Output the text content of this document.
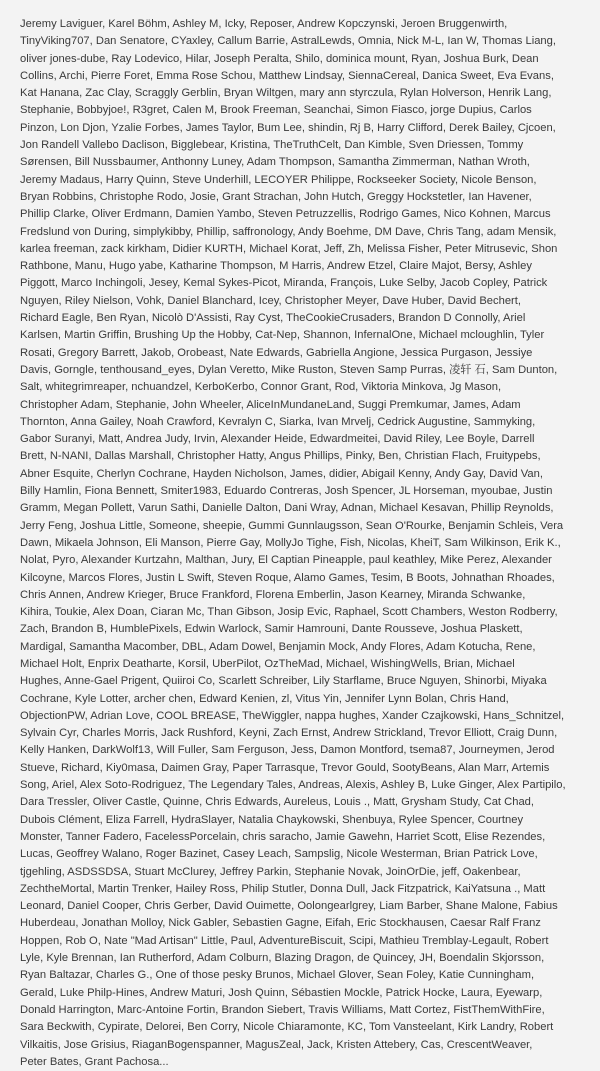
Jeremy Laviguer, Karel Böhm, Ashley M, Icky, Reposer, Andrew Kopczynski, Jeroen Bruggenwirth,
TinyViking707, Dan Senatore, CYaxley, Callum Barrie, AstralLewds, Omnia, Nick M-L, Ian W, Thomas Liang,
oliver jones-dube, Ray Lodevico, Hilar, Joseph Peralta, Shilo, dominica mount, Ryan, Joshua Burk, Dean
Collins, Archi, Pierre Foret, Emma Rose Schou, Matthew Lindsay, SiennaCereal, Danica Sweet, Eva Evans,
Kat Hanana, Zac Clay, Scraggly Gerblin, Bryan Wiltgen, mary ann styrczula, Rylan Holverson, Henrik Lang,
Stephanie, Bobbyjoe!, R3gret, Calen M, Brook Freeman, Seanchai, Simon Fiasco, jorge Dupius, Carlos
Pinzon, Lon Djon, Yzalie Forbes, James Taylor, Bum Lee, shindin, Rj B, Harry Clifford, Derek Bailey, Cjcoen,
Jon Randell Vallebo Daclison, Bigglebear, Kristina, TheTruthCelt, Dan Kimble, Sven Driessen, Tommy
Sørensen, Bill Nussbaumer, Anthonny Luney, Adam Thompson, Samantha Zimmerman, Nathan Wroth,
Jeremy Madaus, Harry Quinn, Steve Underhill, LECOYER Philippe, Rockseeker Society, Nicole Benson,
Bryan Robbins, Christophe Rodo, Josie, Grant Strachan, John Hutch, Greggy Hockstetler, Ian Havener,
Phillip Clarke, Oliver Erdmann, Damien Yambo, Steven Petruzzellis, Rodrigo Games, Nico Kohnen, Marcus
Fredslund von During, simplykibby, Phillip, saffronology, Andy Boehme, DM Dave, Chris Tang, adam Mensik,
karlea freeman, zack kirkham, Didier KURTH, Michael Korat, Jeff, Zh, Melissa Fisher, Peter Mitrusevic, Shon
Rathbone, Manu, Hugo yabe, Katharine Thompson, M Harris, Andrew Etzel, Claire Majot, Bersy, Ashley
Piggott, Marco Inchingoli, Jesey, Kemal Sykes-Picot, Miranda, François, Luke Selby, Jacob Copley, Patrick
Nguyen, Riley Nielson, Vohk, Daniel Blanchard, Icey, Christopher Meyer, Dave Huber, David Bechert,
Richard Eagle, Ben Ryan, Nicolò D'Assisti, Ray Cyst, TheCookieCrusaders, Brandon D Connolly, Ariel
Karlsen, Martin Griffin, Brushing Up the Hobby, Cat-Nep, Shannon, InfernalOne, Michael mcloughlin, Tyler
Rosati, Gregory Barrett, Jakob, Orobeast, Nate Edwards, Gabriella Angione, Jessica Purgason, Jessiye
Davis, Gorngle, tenthousand_eyes, Dylan Veretto, Mike Ruston, Steven Samp Purras, 凌轩 石, Sam Dunton,
Salt, whitegrimreaper, nchuandzel, KerboKerbo, Connor Grant, Rod, Viktoria Minkova, Jg Mason,
Christopher Adam, Stephanie, John Wheeler, AliceInMundaneLand, Suggi Premkumar, James, Adam
Thornton, Anna Gailey, Noah Crawford, Kevralyn C, Siarka, Ivan Mrvelj, Cedrick Augustine, Sammyking,
Gabor Suranyi, Matt, Andrea Judy, Irvin, Alexander Heide, Edwardmeitei, David Riley, Lee Boyle, Darrell
Brett, N-NANI, Dallas Marshall, Christopher Hatty, Angus Phillips, Pinky, Ben, Christian Flach, Fruitypebs,
Abner Esquite, Cherlyn Cochrane, Hayden Nicholson, James, didier, Abigail Kenny, Andy Gay, David Van,
Billy Hamlin, Fiona Bennett, Smiter1983, Eduardo Contreras, Josh Spencer, JL Horseman, myoubae, Justin
Gramm, Megan Pollett, Varun Sathi, Danielle Dalton, Dani Wray, Adnan, Michael Kesavan, Phillip Reynolds,
Jerry Feng, Joshua Little, Someone, sheepie, Gummi Gunnlaugsson, Sean O'Rourke, Benjamin Schleis, Vera
Dawn, Mikaela Johnson, Eli Manson, Pierre Gay, MollyJo Tighe, Fish, Nicolas, KheiT, Sam Wilkinson, Erik K.,
Nolat, Pyro, Alexander Kurtzahn, Malthan, Jury, El Captian Pineapple, paul keathley, Mike Perez, Alexander
Kilcoyne, Marcos Flores, Justin L Swift, Steven Roque, Alamo Games, Tesim, B Boots, Johnathan Rhoades,
Chris Annen, Andrew Krieger, Bruce Frankford, Florena Emberlin, Jason Kearney, Miranda Schwanke,
Kihira, Toukie, Alex Doan, Ciaran Mc, Than Gibson, Josip Evic, Raphael, Scott Chambers, Weston Rodberry,
Zach, Brandon B, HumblePixels, Edwin Warlock, Samir Hamrouni, Dante Rousseve, Joshua Plaskett,
Mardigal, Samantha Macomber, DBL, Adam Dowel, Benjamin Mock, Andy Flores, Adam Kotucha, Rene,
Michael Holt, Enprix Deatharte, Korsil, UberPilot, OzTheMad, Michael, WishingWells, Brian, Michael
Hughes, Anne-Gael Prigent, Quiiroi Co, Scarlett Schreiber, Lily Starflame, Bruce Nguyen, Shinorbi, Miyaka
Cochrane, Kyle Lotter, archer chen, Edward Kenien, zl, Vitus Yin, Jennifer Lynn Bolan, Chris Hand,
ObjectionPW, Adrian Love, COOL BREASE, TheWiggler, nappa hughes, Xander Czajkowski, Hans_Schnitzel,
Sylvain Cyr, Charles Morris, Jack Rushford, Keyni, Zach Ernst, Andrew Strickland, Trevor Elliott, Craig Dunn,
Kelly Hanken, DarkWolf13, Will Fuller, Sam Ferguson, Jess, Damon Montford, tsema87, Journeymen, Jerod
Stueve, Richard, Kiy0masa, Daimen Gray, Paper Tarrasque, Trevor Gould, SootyBeans, Alan Marr, Artemis
Song, Ariel, Alex Soto-Rodriguez, The Legendary Tales, Andreas, Alexis, Ashley B, Luke Ginger, Alex Partipilo,
Dara Tressler, Oliver Castle, Quinne, Chris Edwards, Aureleus, Louis ., Matt, Grysham Study, Cat Chad,
Dubois Clément, Eliza Farrell, HydraSlayer, Natalia Chaykowski, Shenbuya, Rylee Spencer, Courtney
Monster, Tanner Fadero, FacelessPorcelain, chris saracho, Jamie Gawehn, Harriet Scott, Elise Rezendes,
Lucas, Geoffrey Walano, Roger Bazinet, Casey Leach, Sampslig, Nicole Westerman, Brian Patrick Love,
tjgehling, ASDSSDSA, Stuart McClurey, Jeffrey Parkin, Stephanie Novak, JoinOrDie, jeff, Oakenbear,
ZechtheMortal, Martin Trenker, Hailey Ross, Philip Stutler, Donna Dull, Jack Fitzpatrick, KaiYatsuna ., Matt
Leonard, Daniel Cooper, Chris Gerber, David Ouimette, Oolongearlgrey, Liam Barber, Shane Malone, Fabius
Huberdeau, Jonathan Molloy, Nick Gabler, Sebastien Gagne, Eifah, Eric Stockhausen, Caesar Ralf Franz
Hoppen, Rob O, Nate "Mad Artisan" Little, Paul, AdventureBiscuit, Scipi, Mathieu Tremblay-Legault, Robert
Lyle, Kyle Brennan, Ian Rutherford, Adam Colburn, Blazing Dragon, de Quincey, JH, Boendalin Skjorsson,
Ryan Baltazar, Charles G., One of those pesky Brunos, Michael Glover, Sean Foley, Katie Cunningham,
Gerald, Luke Philp-Hines, Andrew Maturi, Josh Quinn, Sébastien Mockle, Patrick Hocke, Laura, Eyewarp,
Donald Harrington, Marc-Antoine Fortin, Brandon Siebert, Travis Williams, Matt Cortez, FistThemWithFire,
Sara Beckwith, Cypirate, Delorei, Ben Corry, Nicole Chiaramonte, KC, Tom Vansteelant, Kirk Landry, Robert
Vilkaitis, Jose Grisius, RiaganBogenspanner, MagusZeal, Jack, Kristen Attebery, Cas, CrescentWeaver,
Peter Bates, Grant Pachosa...
